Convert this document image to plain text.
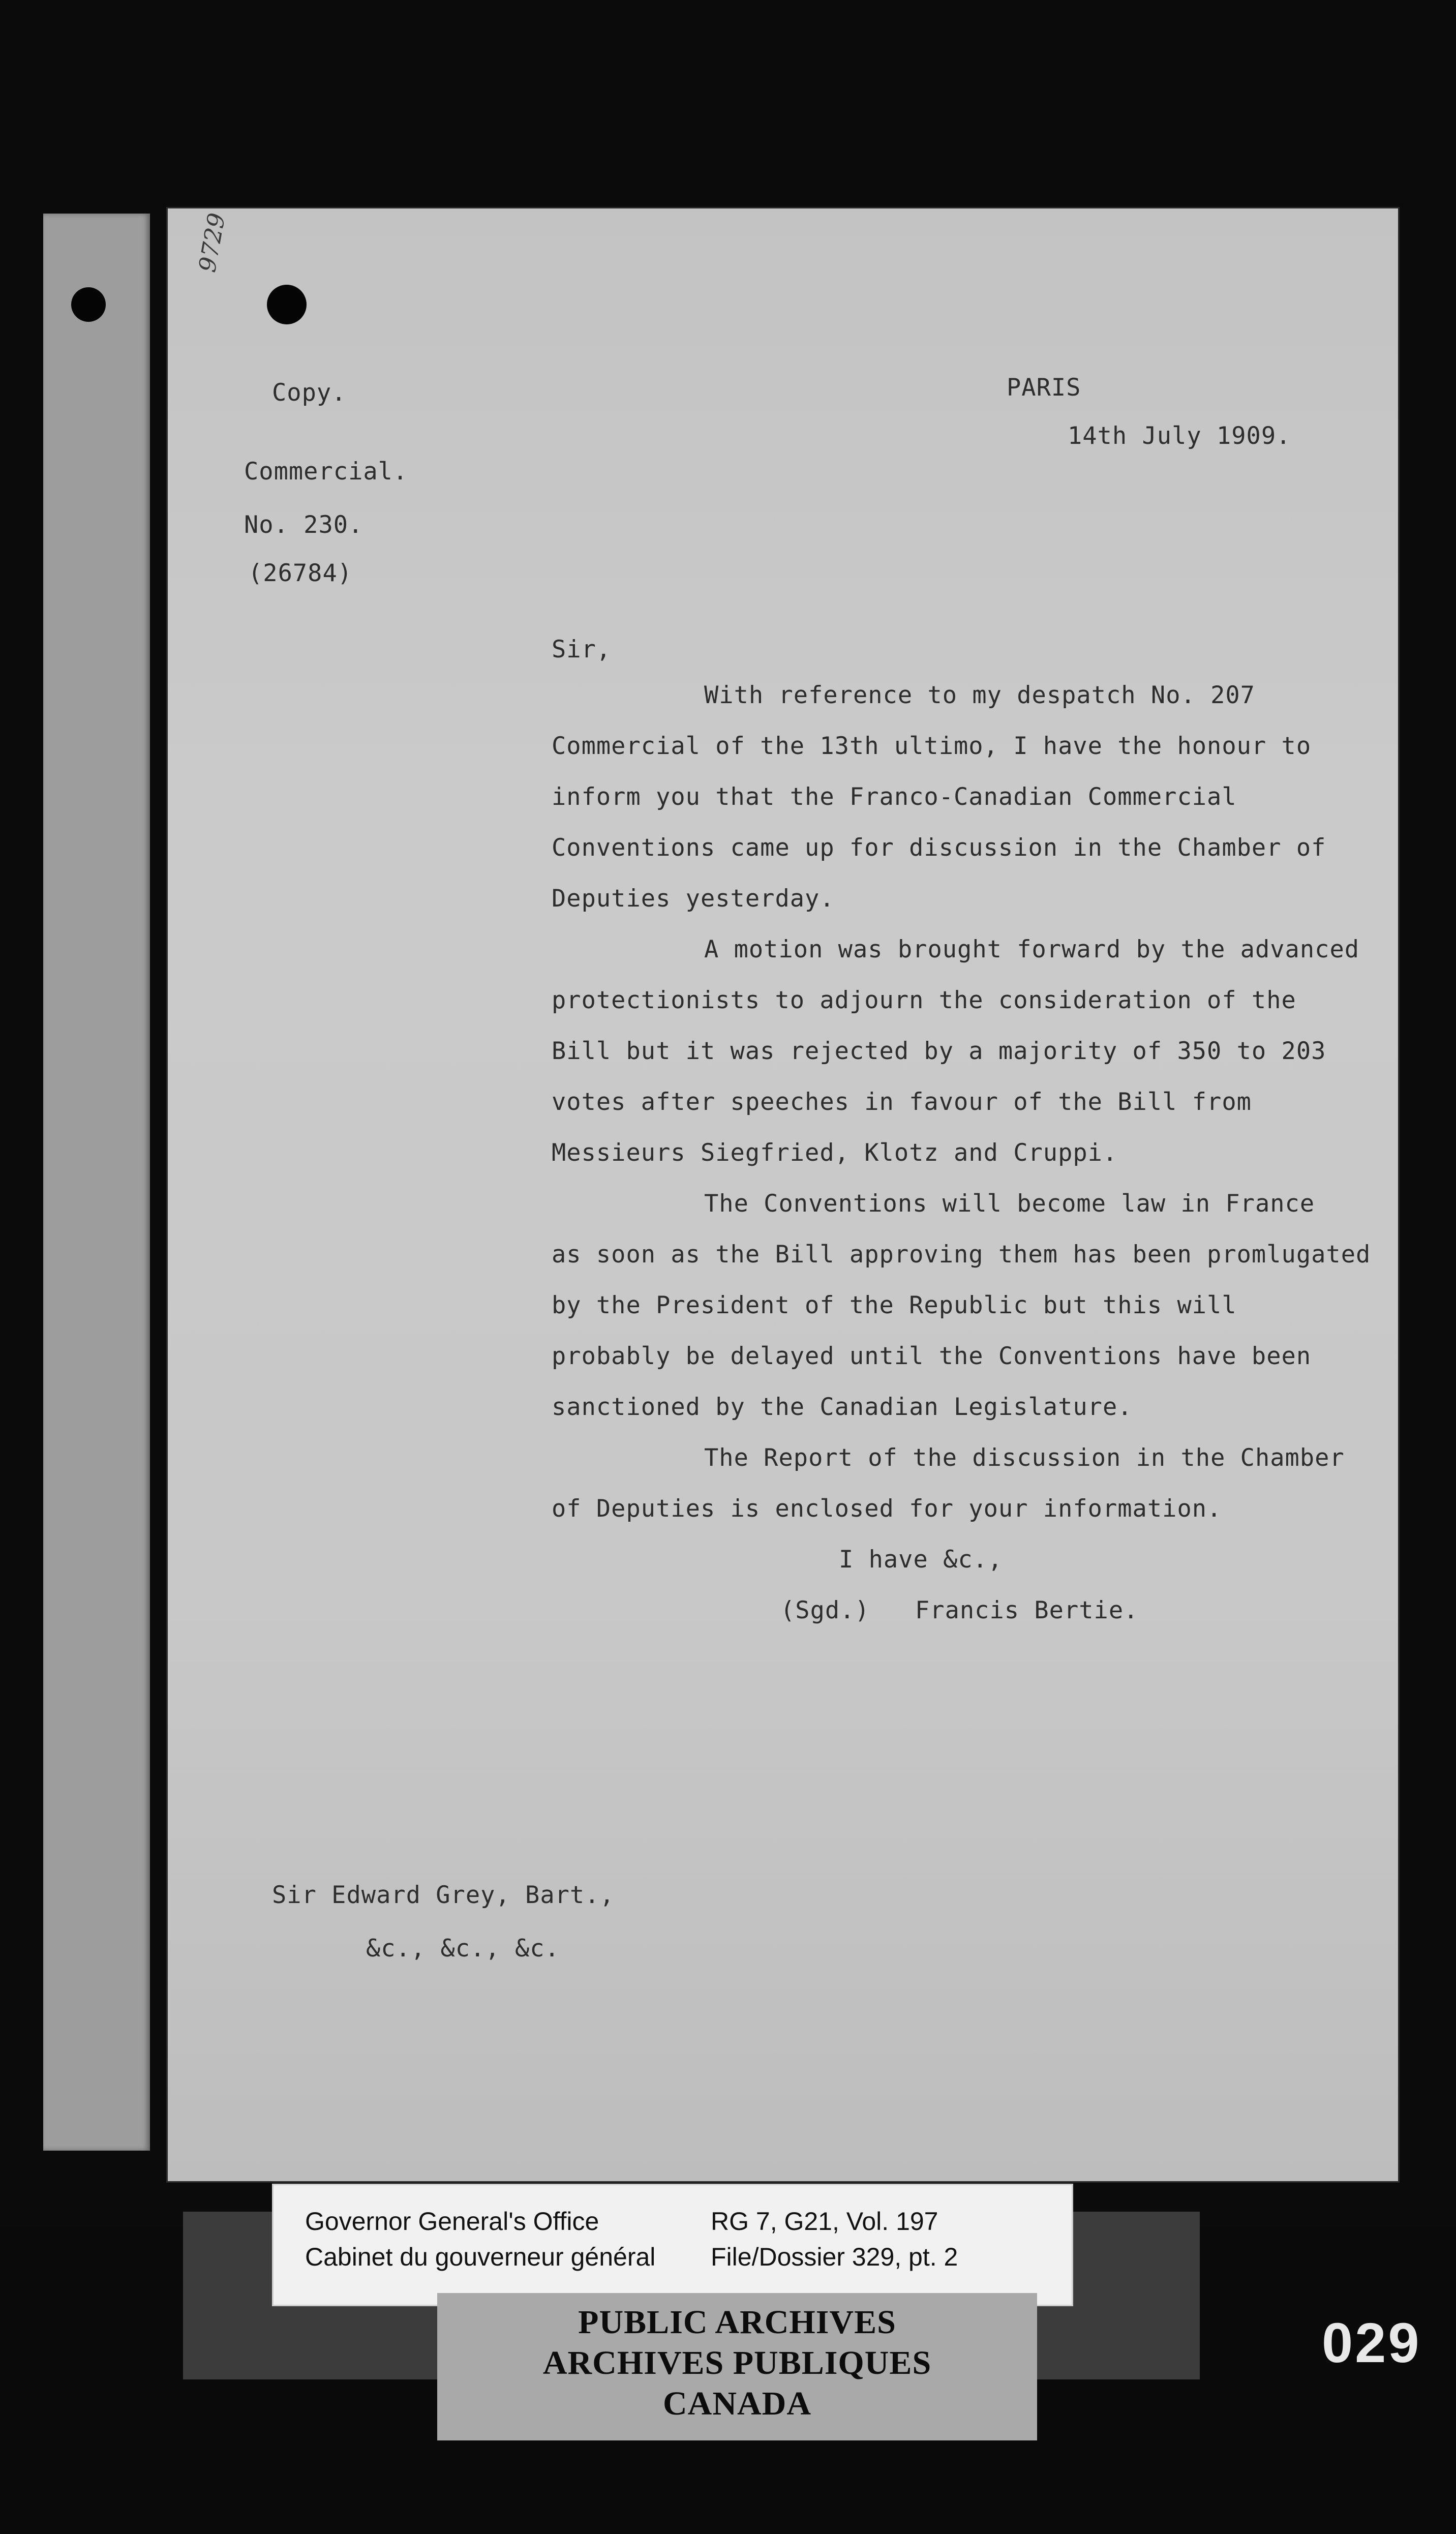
9729
Copy.	PARIS
14th July 1909.
Commercial.
No. 230.
(26784)
Sir,

With reference to my despatch No. 207

Commercial of the 13th ultimo, I have the honour to

inform you that the Franco-Canadian Commercial

Conventions came up for discussion in the Chamber of

Deputies yesterday.

A motion was brought forward by the advanced

protectionists to adjourn the consideration of the

Bill but it was rejected by a majority of 350 to 203

votes after speeches in favour of the Bill from

Messieurs Siegfried, Klotz and Cruppi.

The Conventions will become law in France

as soon as the Bill approving them has been promlugated

by the President of the Republic but this will

probably be delayed until the Conventions have been

sanctioned by the Canadian Legislature.

The Report of the discussion in the Chamber

of Deputies is enclosed for your information.

I have &c.,
(Sgd.) Francis Bertie.
Sir Edward Grey, Bart.,
&c., &c., &c.
Governor General's Office
Cabinet du gouverneur général
RG 7, G21, Vol. 197
File/Dossier 329, pt. 2
PUBLIC ARCHIVES
ARCHIVES PUBLIQUES
CANADA
029
